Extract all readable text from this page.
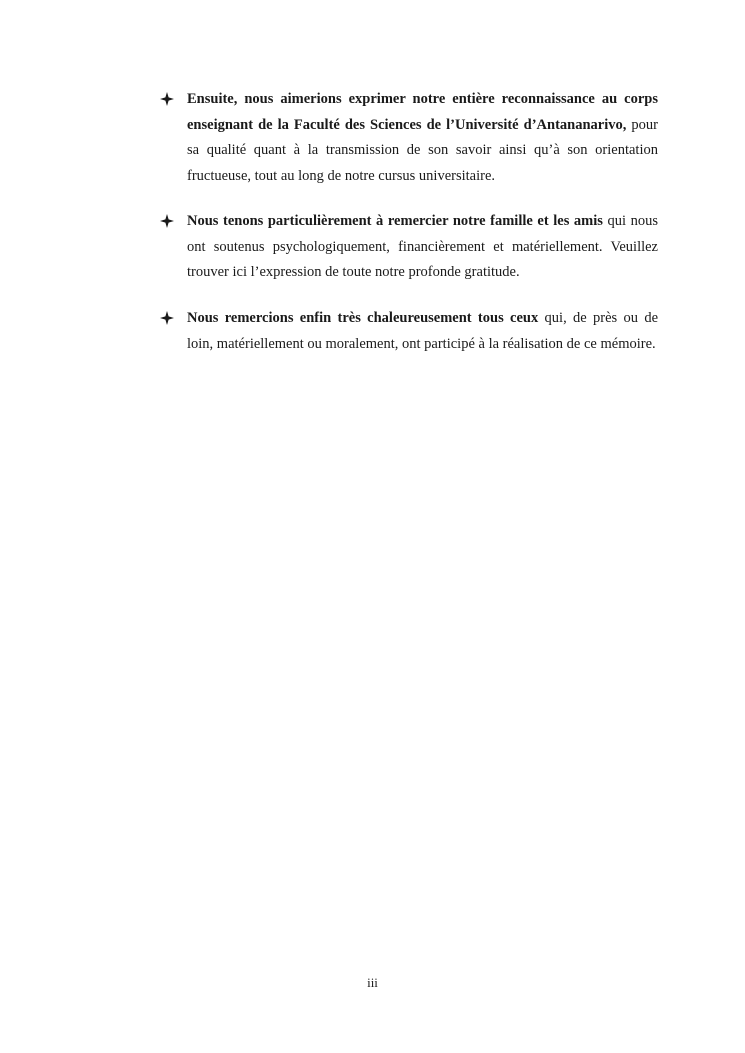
Ensuite, nous aimerions exprimer notre entière reconnaissance au corps enseignant de la Faculté des Sciences de l’Université d’Antananarivo, pour sa qualité quant à la transmission de son savoir ainsi qu’à son orientation fructueuse, tout au long de notre cursus universitaire.
Nous tenons particulièrement à remercier notre famille et les amis qui nous ont soutenus psychologiquement, financièrement et matériellement. Veuillez trouver ici l’expression de toute notre profonde gratitude.
Nous remercions enfin très chaleureusement tous ceux qui, de près ou de loin, matériellement ou moralement, ont participé à la réalisation de ce mémoire.
iii
